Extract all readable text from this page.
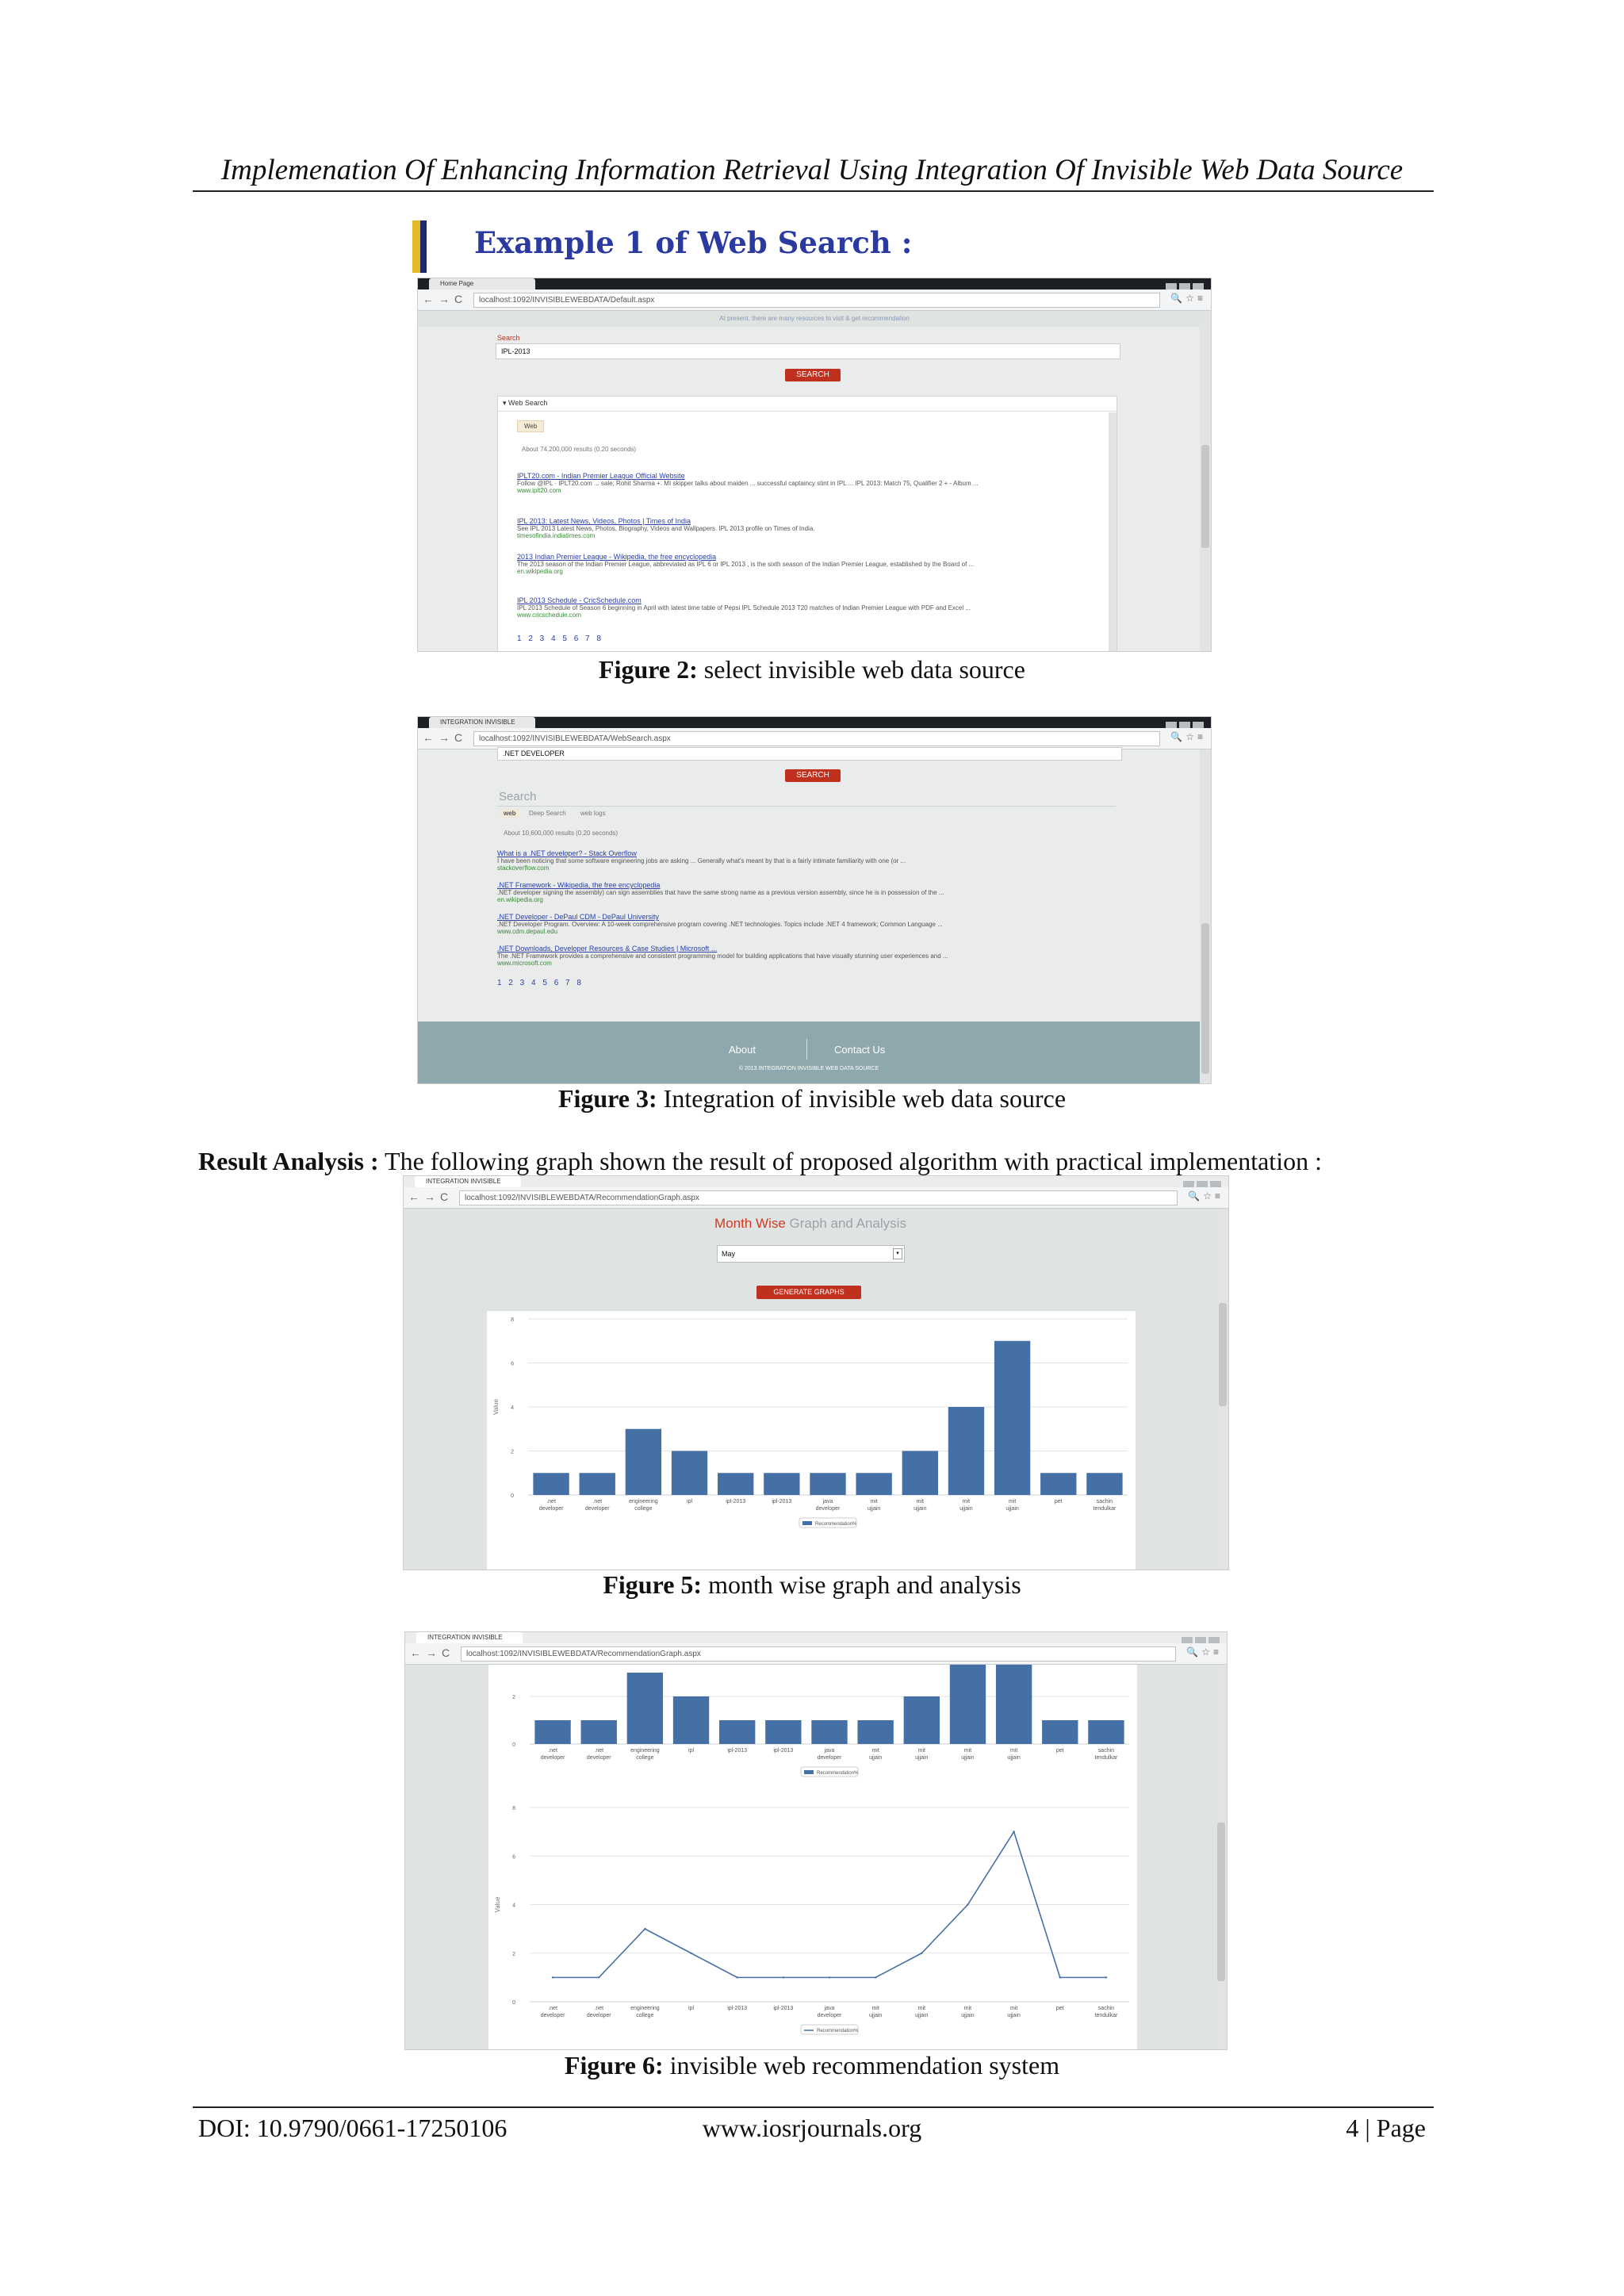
Implemenation Of Enhancing Information Retrieval Using Integration Of Invisible Web Data Source
Example 1 of Web Search :
Home Page
←→C	localhost:1092/INVISIBLEWEBDATA/Default.aspx	🔍☆≡
At present, there are many resources to visit & get recommendation
Search
IPL-2013
SEARCH
▾ Web Search
Web
About 74,200,000 results (0.20 seconds)
IPLT20.com - Indian Premier League Official Website
Follow @IPL · IPLT20.com ... sale; Rohit Sharma +. MI skipper talks about maiden ... successful captaincy stint in IPL ... IPL 2013: Match 75, Qualifier 2 + - Album ...
www.iplt20.com
IPL 2013: Latest News, Videos, Photos | Times of India
See IPL 2013 Latest News, Photos, Biography, Videos and Wallpapers. IPL 2013 profile on Times of India.
timesofindia.indiatimes.com
2013 Indian Premier League - Wikipedia, the free encyclopedia
The 2013 season of the Indian Premier League, abbreviated as IPL 6 or IPL 2013 , is the sixth season of the Indian Premier League, established by the Board of ...
en.wikipedia.org
IPL 2013 Schedule - CricSchedule.com
IPL 2013 Schedule of Season 6 beginning in April with latest time table of Pepsi IPL Schedule 2013 T20 matches of Indian Premier League with PDF and Excel ...
www.cricschedule.com
1 2 3 4 5 6 7 8
Figure 2: select invisible web data source
INTEGRATION INVISIBLE
←→C	localhost:1092/INVISIBLEWEBDATA/WebSearch.aspx	🔍☆≡
.NET DEVELOPER
SEARCH
Search
web	Deep Search web logs
About 10,600,000 results (0.20 seconds)
What is a .NET developer? - Stack Overflow
I have been noticing that some software engineering jobs are asking ... Generally what's meant by that is a fairly intimate familiarity with one (or ...
stackoverflow.com
.NET Framework - Wikipedia, the free encyclopedia
.NET developer signing the assembly) can sign assemblies that have the same strong name as a previous version assembly, since he is in possession of the ...
en.wikipedia.org
.NET Developer - DePaul CDM - DePaul University
.NET Developer Program. Overview: A 10-week comprehensive program covering .NET technologies. Topics include .NET 4 framework; Common Language ...
www.cdm.depaul.edu
.NET Downloads, Developer Resources & Case Studies | Microsoft ...
The .NET Framework provides a comprehensive and consistent programming model for building applications that have visually stunning user experiences and ...
www.microsoft.com
1 2 3 4 5 6 7 8
About	Contact Us
© 2013 INTEGRATION INVISIBLE WEB DATA SOURCE
Figure 3: Integration of invisible web data source
Result Analysis : The following graph shown the result of proposed algorithm with practical implementation :
INTEGRATION INVISIBLE
←→C	localhost:1092/INVISIBLEWEBDATA/RecommendationGraph.aspx	🔍☆≡
Month Wise Graph and Analysis
May	▾
GENERATE GRAPHS
0
2
4
6
8
Value
.net
developer
.net
developer
engineering
college
ipl	ipl-2013	ipl-2013	java
developer
mit
ujjain
mit
ujjain
mit
ujjain
mit
ujjain
pet	sachin
tendulkar
Recommendation%
Figure 5: month wise graph and analysis
INTEGRATION INVISIBLE
←→C	localhost:1092/INVISIBLEWEBDATA/RecommendationGraph.aspx	🔍☆≡
0
2
.net
developer
.net
developer
engineering
college
ipl	ipl-2013	ipl-2013	java
developer
mit
ujjain
mit
ujjain
mit
ujjain
mit
ujjain
pet	sachin
tendulkar
Recommendation%
0
2
4
6
8
Value
.net
developer
.net
developer
engineering
college
ipl	ipl-2013	ipl-2013	java
developer
mit
ujjain
mit
ujjain
mit
ujjain
mit
ujjain
pet	sachin
tendulkar
Recommendation%
Figure 6: invisible web recommendation system
DOI: 10.9790/0661-17250106	www.iosrjournals.org	4 | Page
